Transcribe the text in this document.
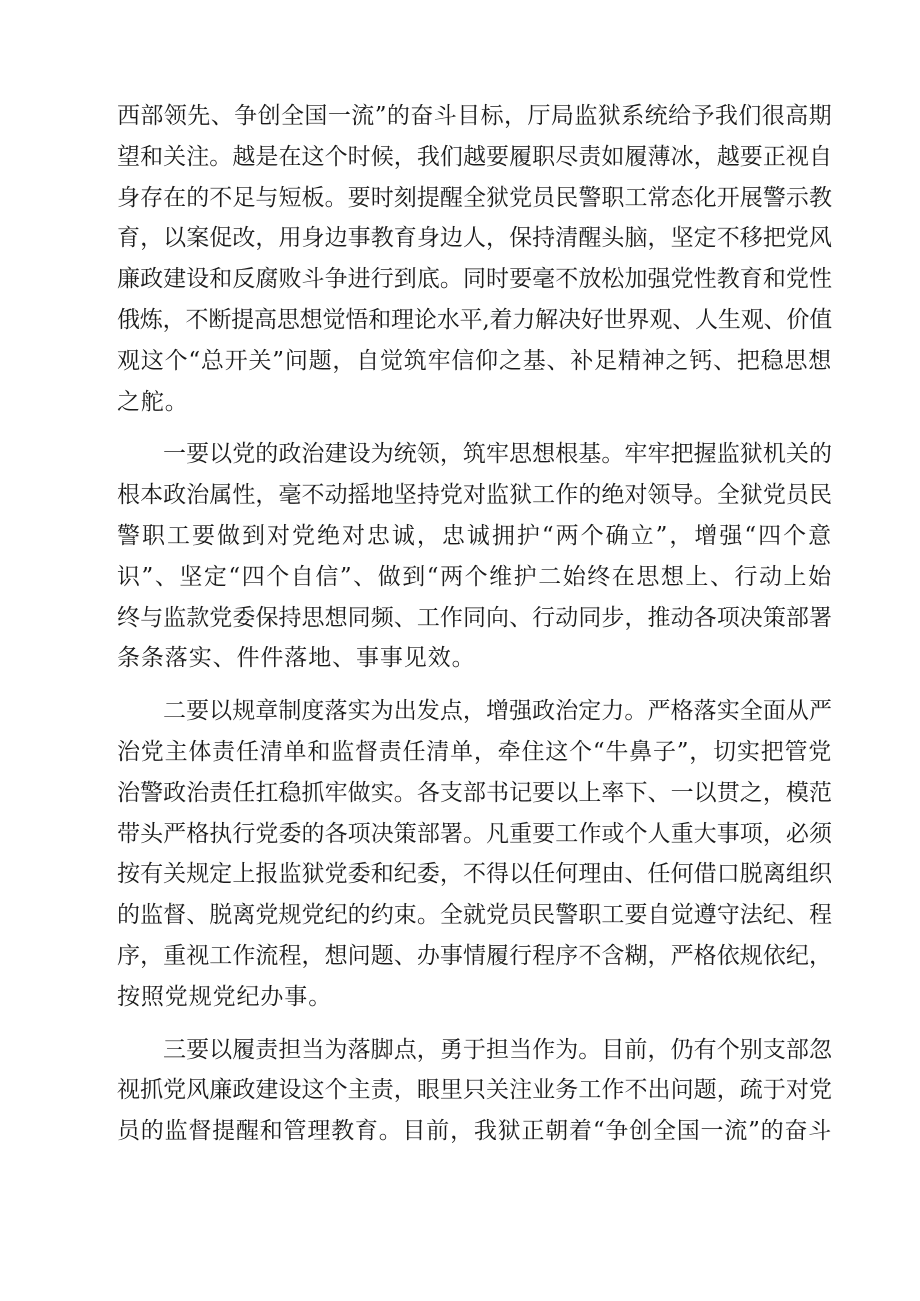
西部领先、争创全国一流”的奋斗目标，厅局监狱系统给予我们很高期
望和关注。越是在这个时候，我们越要履职尽责如履薄冰，越要正视自
身存在的不足与短板。要时刻提醒全狱党员民警职工常态化开展警示教
育，以案促改，用身边事教育身边人，保持清醒头脑，坚定不移把党风
廉政建设和反腐败斗争进行到底。同时要毫不放松加强党性教育和党性
俄炼，不断提高思想觉悟和理论水平,着力解决好世界观、人生观、价值
观这个“总开关”问题，自觉筑牢信仰之基、补足精神之钙、把稳思想
之舵。

一要以党的政治建设为统领，筑牢思想根基。牢牢把握监狱机关的
根本政治属性，毫不动摇地坚持党对监狱工作的绝对领导。全狱党员民
警职工要做到对党绝对忠诚，忠诚拥护“两个确立”，增强“四个意
识”、坚定“四个自信”、做到“两个维护二始终在思想上、行动上始
终与监款党委保持思想同频、工作同向、行动同步，推动各项决策部署
条条落实、件件落地、事事见效。

二要以规章制度落实为出发点，增强政治定力。严格落实全面从严
治党主体责任清单和监督责任清单，牵住这个“牛鼻子”，切实把管党
治警政治责任扛稳抓牢做实。各支部书记要以上率下、一以贯之，模范
带头严格执行党委的各项决策部署。凡重要工作或个人重大事项，必须
按有关规定上报监狱党委和纪委，不得以任何理由、任何借口脱离组织
的监督、脱离党规党纪的约束。全就党员民警职工要自觉遵守法纪、程
序，重视工作流程，想问题、办事情履行程序不含糊，严格依规依纪，
按照党规党纪办事。

三要以履责担当为落脚点，勇于担当作为。目前，仍有个别支部忽
视抓党风廉政建设这个主责，眼里只关注业务工作不出问题，疏于对党
员的监督提醒和管理教育。目前，我狱正朝着“争创全国一流”的奋斗
